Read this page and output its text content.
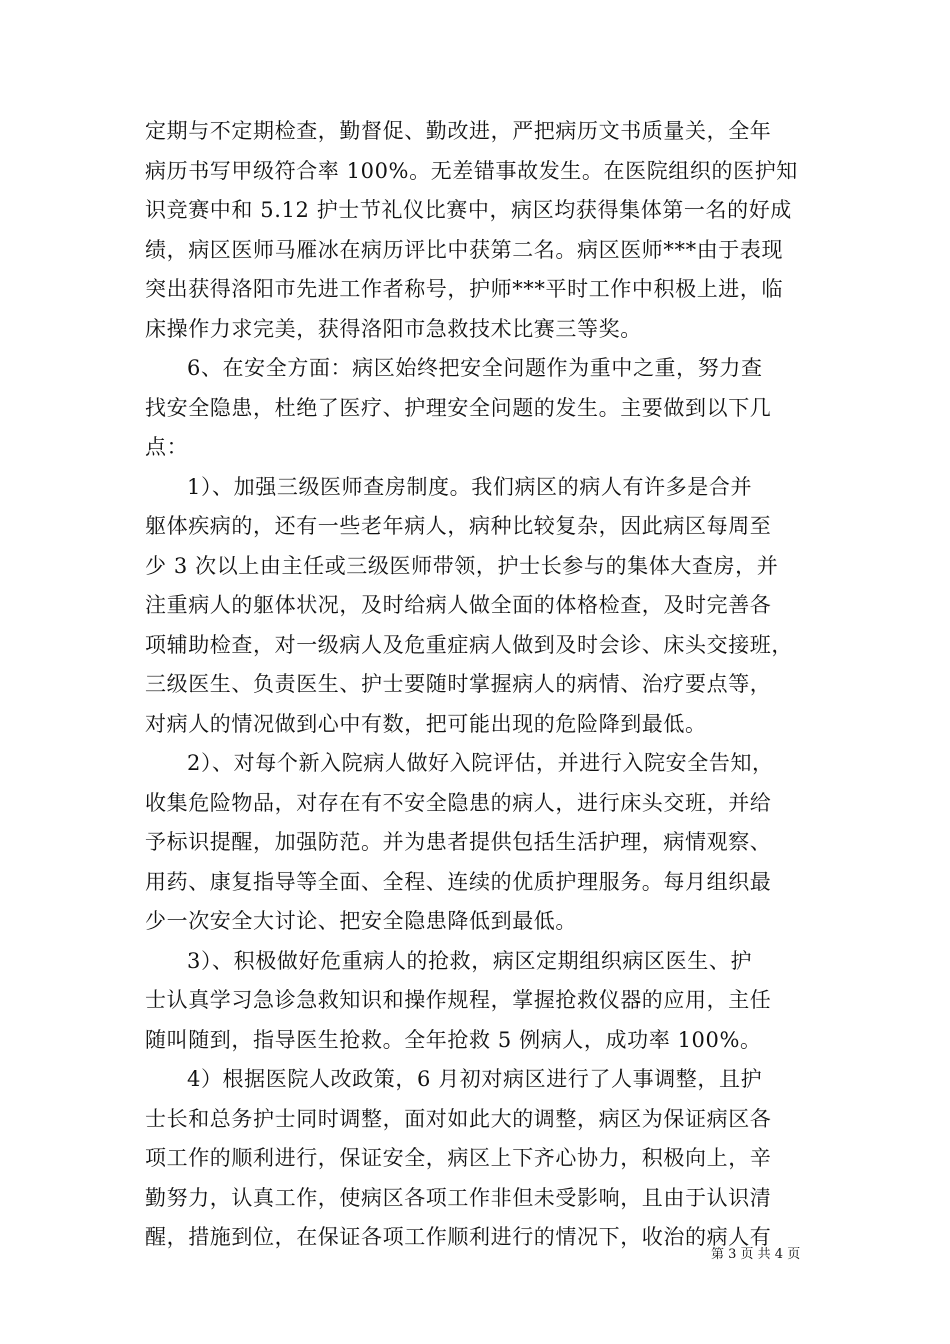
定期与不定期检查，勤督促、勤改进，严把病历文书质量关，全年
病历书写甲级符合率 100%。无差错事故发生。在医院组织的医护知
识竞赛中和 5.12 护士节礼仪比赛中，病区均获得集体第一名的好成
绩，病区医师马雁冰在病历评比中获第二名。病区医师***由于表现
突出获得洛阳市先进工作者称号，护师***平时工作中积极上进，临
床操作力求完美，获得洛阳市急救技术比赛三等奖。
6、在安全方面：病区始终把安全问题作为重中之重，努力查
找安全隐患，杜绝了医疗、护理安全问题的发生。主要做到以下几
点：
1）、加强三级医师查房制度。我们病区的病人有许多是合并
躯体疾病的，还有一些老年病人，病种比较复杂，因此病区每周至
少 3 次以上由主任或三级医师带领，护士长参与的集体大查房，并
注重病人的躯体状况，及时给病人做全面的体格检查，及时完善各
项辅助检查，对一级病人及危重症病人做到及时会诊、床头交接班，
三级医生、负责医生、护士要随时掌握病人的病情、治疗要点等，
对病人的情况做到心中有数，把可能出现的危险降到最低。
2）、对每个新入院病人做好入院评估，并进行入院安全告知，
收集危险物品，对存在有不安全隐患的病人，进行床头交班，并给
予标识提醒，加强防范。并为患者提供包括生活护理，病情观察、
用药、康复指导等全面、全程、连续的优质护理服务。每月组织最
少一次安全大讨论、把安全隐患降低到最低。
3）、积极做好危重病人的抢救，病区定期组织病区医生、护
士认真学习急诊急救知识和操作规程，掌握抢救仪器的应用，主任
随叫随到，指导医生抢救。全年抢救 5 例病人，成功率 100%。
4）根据医院人改政策，6 月初对病区进行了人事调整，且护
士长和总务护士同时调整，面对如此大的调整，病区为保证病区各
项工作的顺利进行，保证安全，病区上下齐心协力，积极向上，辛
勤努力，认真工作，使病区各项工作非但未受影响，且由于认识清
醒，措施到位，在保证各项工作顺利进行的情况下，收治的病人有
第 3 页 共 4 页
